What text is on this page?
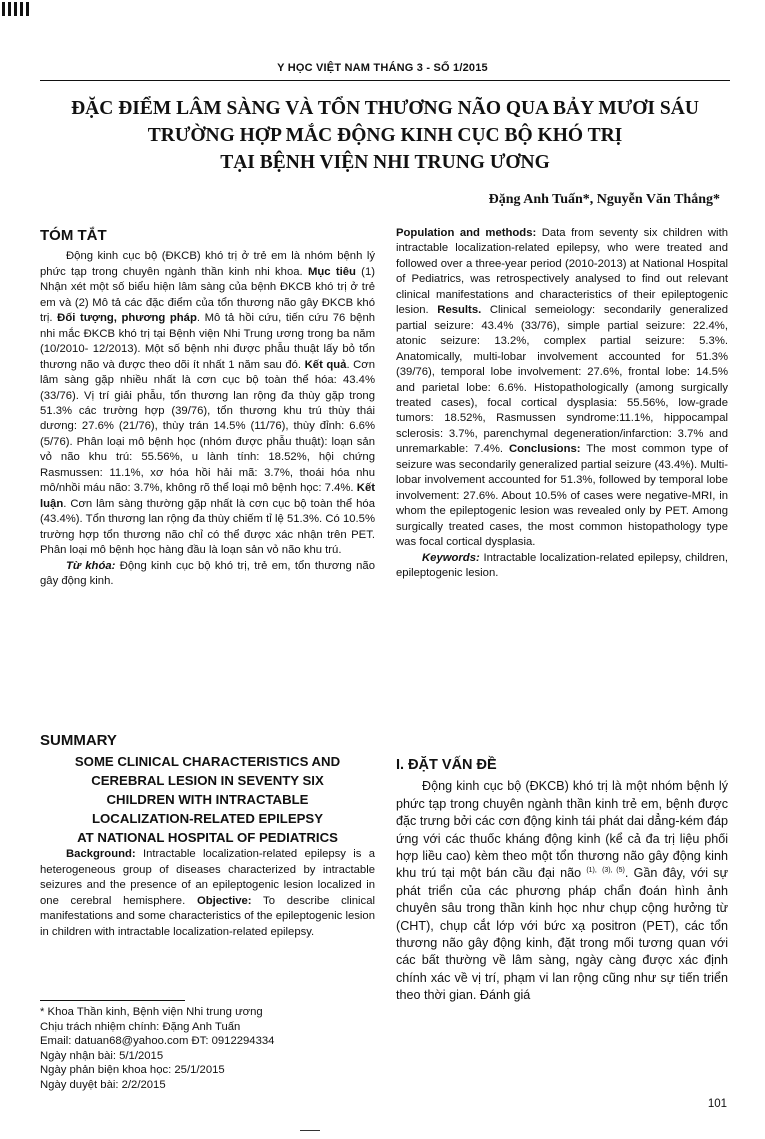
Y HỌC VIỆT NAM THÁNG 3 - SỐ 1/2015
ĐẶC ĐIỂM LÂM SÀNG VÀ TỔN THƯƠNG NÃO QUA BẢY MƯƠI SÁU
TRƯỜNG HỢP MẮC ĐỘNG KINH CỤC BỘ KHÓ TRỊ
TẠI BỆNH VIỆN NHI TRUNG ƯƠNG
Đặng Anh Tuấn*, Nguyễn Văn Thắng*
TÓM TẮT

Động kinh cục bộ (ĐKCB) khó trị ở trẻ em là nhóm bệnh lý phức tạp trong chuyên ngành thần kinh nhi khoa. Mục tiêu (1) Nhận xét một số biểu hiện lâm sàng của bệnh ĐKCB khó trị ở trẻ em và (2) Mô tả các đặc điểm của tổn thương não gây ĐKCB khó trị. Đối tượng, phương pháp. Mô tả hồi cứu, tiến cứu 76 bệnh nhi mắc ĐKCB khó trị tại Bệnh viện Nhi Trung ương trong ba năm (10/2010- 12/2013). Một số bệnh nhi được phẫu thuật lấy bỏ tổn thương não và được theo dõi ít nhất 1 năm sau đó. Kết quả. Cơn lâm sàng gặp nhiều nhất là cơn cục bộ toàn thể hóa: 43.4% (33/76). Vị trí giải phẫu, tổn thương lan rộng đa thùy gặp trong 51.3% các trường hợp (39/76), tổn thương khu trú thùy thái dương: 27.6% (21/76), thùy trán 14.5% (11/76), thùy đỉnh: 6.6% (5/76). Phân loại mô bệnh học (nhóm được phẫu thuật): loạn sản vỏ não khu trú: 55.56%, u lành tính: 18.52%, hội chứng Rasmussen: 11.1%, xơ hóa hồi hải mã: 3.7%, thoái hóa nhu mô/nhồi máu não: 3.7%, không rõ thể loại mô bệnh học: 7.4%. Kết luận. Cơn lâm sàng thường gặp nhất là cơn cục bộ toàn thể hóa (43.4%). Tổn thương lan rộng đa thùy chiếm tỉ lệ 51.3%. Có 10.5% trường hợp tổn thương não chỉ có thể được xác nhận trên PET. Phân loại mô bệnh học hàng đầu là loạn sản vỏ não khu trú.

Từ khóa: Động kinh cục bộ khó trị, trẻ em, tổn thương não gây động kinh.

SUMMARY

SOME CLINICAL CHARACTERISTICS AND

CEREBRAL LESION IN SEVENTY SIX

CHILDREN WITH INTRACTABLE

LOCALIZATION-RELATED EPILEPSY

AT NATIONAL HOSPITAL OF PEDIATRICS

Background: Intractable localization-related epilepsy is a heterogeneous group of diseases characterized by intractable seizures and the presence of an epileptogenic lesion localized in one cerebral hemisphere. Objective: To describe clinical manifestations and some characteristics of the epileptogenic lesion in children with intractable localization-related epilepsy.

* Khoa Thần kinh, Bệnh viện Nhi trung ương

Chịu trách nhiệm chính: Đặng Anh Tuấn

Email: datuan68@yahoo.com ĐT: 0912294334

Ngày nhận bài: 5/1/2015

Ngày phản biện khoa học: 25/1/2015

Ngày duyệt bài: 2/2/2015

Population and methods: Data from seventy six children with intractable localization-related epilepsy, who were treated and followed over a three-year period (2010-2013) at National Hospital of Pediatrics, was retrospectively analysed to find out relevant clinical manifestations and characteristics of their epileptogenic lesion. Results. Clinical semeiology: secondarily generalized partial seizure: 43.4% (33/76), simple partial seizure: 22.4%, atonic seizure: 13.2%, complex partial seizure: 5.3%. Anatomically, multi-lobar involvement accounted for 51.3% (39/76), temporal lobe involvement: 27.6%, frontal lobe: 14.5% and parietal lobe: 6.6%. Histopathologically (among surgically treated cases), focal cortical dysplasia: 55.56%, low-grade tumors: 18.52%, Rasmussen syndrome:11.1%, hippocampal sclerosis: 3.7%, parenchymal degeneration/infarction: 3.7% and unremarkable: 7.4%. Conclusions: The most common type of seizure was secondarily generalized partial seizure (43.4%). Multi-lobar involvement accounted for 51.3%, followed by temporal lobe involvement: 27.6%. About 10.5% of cases were negative-MRI, in whom the epileptogenic lesion was revealed only by PET. Among surgically treated cases, the most common histopathology type was focal cortical dysplasia.

Keywords: Intractable localization-related epilepsy, children, epileptogenic lesion.

I. ĐẶT VẤN ĐỀ

Động kinh cục bộ (ĐKCB) khó trị là một nhóm bệnh lý phức tạp trong chuyên ngành thần kinh trẻ em, bệnh được đặc trưng bởi các cơn động kinh tái phát dai dẳng-kém đáp ứng với các thuốc kháng động kinh (kể cả đa trị liệu phối hợp liều cao) kèm theo một tổn thương não gây động kinh khu trú tại một bán cầu đại não $^{(1),}$ $^{(3), (5)}$. Gần đây, với sự phát triển của các phương pháp chẩn đoán hình ảnh chuyên sâu trong thần kinh học như chụp cộng hưởng từ (CHT), chụp cắt lớp với bức xạ positron (PET), các tổn thương não gây động kinh, đặt trong mối tương quan với các bất thường về lâm sàng, ngày càng được xác định chính xác về vị trí, phạm vi lan rộng cũng như sự tiến triển theo thời gian. Đánh giá

101
